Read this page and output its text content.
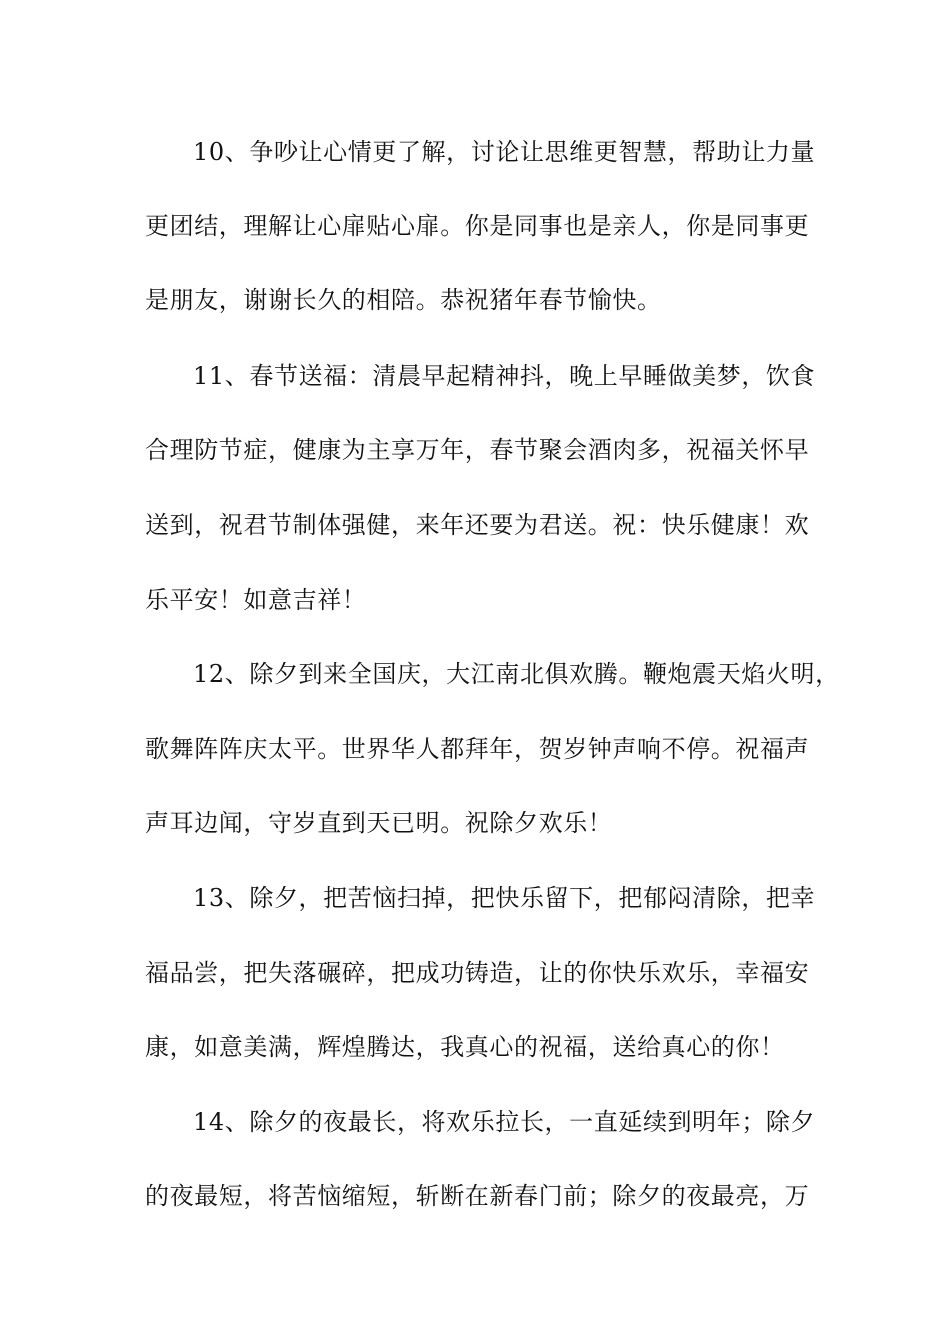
10、争吵让心情更了解，讨论让思维更智慧，帮助让力量
更团结，理解让心扉贴心扉。你是同事也是亲人，你是同事更
是朋友，谢谢长久的相陪。恭祝猪年春节愉快。
11、春节送福：清晨早起精神抖，晚上早睡做美梦，饮食
合理防节症，健康为主享万年，春节聚会酒肉多，祝福关怀早
送到，祝君节制体强健，来年还要为君送。祝：快乐健康！欢
乐平安！如意吉祥！
12、除夕到来全国庆，大江南北俱欢腾。鞭炮震天焰火明，
歌舞阵阵庆太平。世界华人都拜年，贺岁钟声响不停。祝福声
声耳边闻，守岁直到天已明。祝除夕欢乐！
13、除夕，把苦恼扫掉，把快乐留下，把郁闷清除，把幸
福品尝，把失落碾碎，把成功铸造，让的你快乐欢乐，幸福安
康，如意美满，辉煌腾达，我真心的祝福，送给真心的你！
14、除夕的夜最长，将欢乐拉长，一直延续到明年；除夕
的夜最短，将苦恼缩短，斩断在新春门前；除夕的夜最亮，万
